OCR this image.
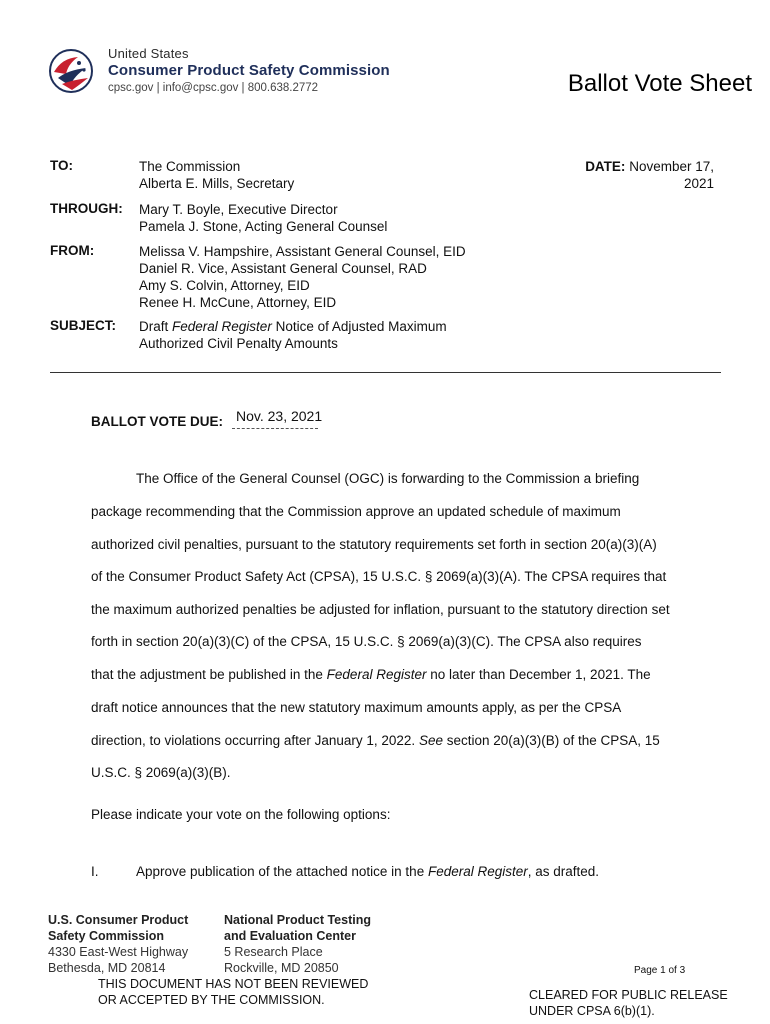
United States
Consumer Product Safety Commission
cpsc.gov | info@cpsc.gov | 800.638.2772	Ballot Vote Sheet
TO:	The Commission
Alberta E. Mills, Secretary
DATE: November 17,
2021
THROUGH: Mary T. Boyle, Executive Director
Pamela J. Stone, Acting General Counsel
FROM:	Melissa V. Hampshire, Assistant General Counsel, EID
Daniel R. Vice, Assistant General Counsel, RAD
Amy S. Colvin, Attorney, EID
Renee H. McCune, Attorney, EID
SUBJECT: Draft Federal Register Notice of Adjusted Maximum
Authorized Civil Penalty Amounts
BALLOT VOTE DUE: Nov. 23, 2021
The Office of the General Counsel (OGC) is forwarding to the Commission a briefing
package recommending that the Commission approve an updated schedule of maximum
authorized civil penalties, pursuant to the statutory requirements set forth in section 20(a)(3)(A)
of the Consumer Product Safety Act (CPSA), 15 U.S.C. § 2069(a)(3)(A). The CPSA requires that
the maximum authorized penalties be adjusted for inflation, pursuant to the statutory direction set
forth in section 20(a)(3)(C) of the CPSA, 15 U.S.C. § 2069(a)(3)(C). The CPSA also requires
that the adjustment be published in the Federal Register no later than December 1, 2021. The
draft notice announces that the new statutory maximum amounts apply, as per the CPSA
direction, to violations occurring after January 1, 2022. See section 20(a)(3)(B) of the CPSA, 15
U.S.C. § 2069(a)(3)(B).
Please indicate your vote on the following options:
I.	Approve publication of the attached notice in the Federal Register, as drafted.
U.S. Consumer Product
Safety Commission
4330 East-West Highway
Bethesda, MD 20814
National Product Testing
and Evaluation Center
5 Research Place
Rockville, MD 20850	Page 1 of 3
THIS DOCUMENT HAS NOT BEEN REVIEWED
OR ACCEPTED BY THE COMMISSION.	CLEARED FOR PUBLIC RELEASE
UNDER CPSA 6(b)(1).
